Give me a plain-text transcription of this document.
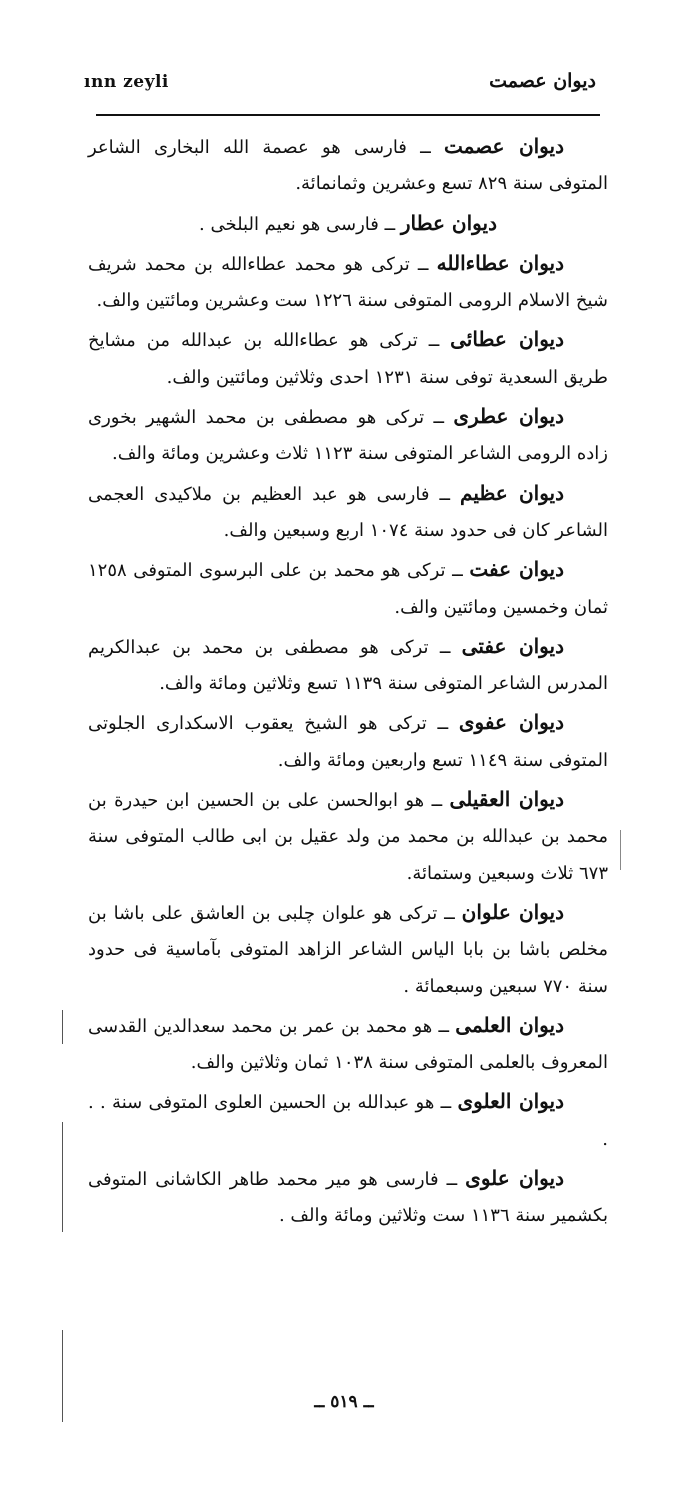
ınn zeyli	ديوان عصمت

ديوان عصمت ــ فارسى هو عصمة الله البخارى الشاعر المتوفى سنة ٨٢٩ تسع وعشرين وثمانمائة.

ديوان عطار ــ فارسى هو نعيم البلخى .

ديوان عطاءالله ــ تركى هو محمد عطاءالله بن محمد شريف شيخ الاسلام الرومى المتوفى سنة ١٢٢٦ ست وعشرين ومائتين والف.

ديوان عطائى ــ تركى هو عطاءالله بن عبدالله من مشايخ طريق السعدية توفى سنة ١٢٣١ احدى وثلاثين ومائتين والف.

ديوان عطرى ــ تركى هو مصطفى بن محمد الشهير بخورى زاده الرومى الشاعر المتوفى سنة ١١٢٣ ثلاث وعشرين ومائة والف.

ديوان عظيم ــ فارسى هو عبد العظيم بن ملاكيدى العجمى الشاعر كان فى حدود سنة ١٠٧٤ اربع وسبعين والف.

ديوان عفت ــ تركى هو محمد بن على البرسوى المتوفى ١٢٥٨ ثمان وخمسين ومائتين والف.

ديوان عفتى ــ تركى هو مصطفى بن محمد بن عبدالكريم المدرس الشاعر المتوفى سنة ١١٣٩ تسع وثلاثين ومائة والف.

ديوان عفوى ــ تركى هو الشيخ يعقوب الاسكدارى الجلوتى المتوفى سنة ١١٤٩ تسع واربعين ومائة والف.

ديوان العقيلى ــ هو ابوالحسن على بن الحسين ابن حيدرة بن محمد بن عبدالله بن محمد من ولد عقيل بن ابى طالب المتوفى سنة ٦٧٣ ثلاث وسبعين وستمائة.

ديوان علوان ــ تركى هو علوان چلبى بن العاشق على باشا بن مخلص باشا بن بابا الياس الشاعر الزاهد المتوفى بآماسية فى حدود سنة ٧٧٠ سبعين وسبعمائة .

ديوان العلمى ــ هو محمد بن عمر بن محمد سعدالدين القدسى المعروف بالعلمى المتوفى سنة ١٠٣٨ ثمان وثلاثين والف.

ديوان العلوى ــ هو عبدالله بن الحسين العلوى المتوفى سنة . . .

ديوان علوى ــ فارسى هو مير محمد طاهر الكاشانى المتوفى بكشمير سنة ١١٣٦ ست وثلاثين ومائة والف .

ــ ٥١٩ ــ
